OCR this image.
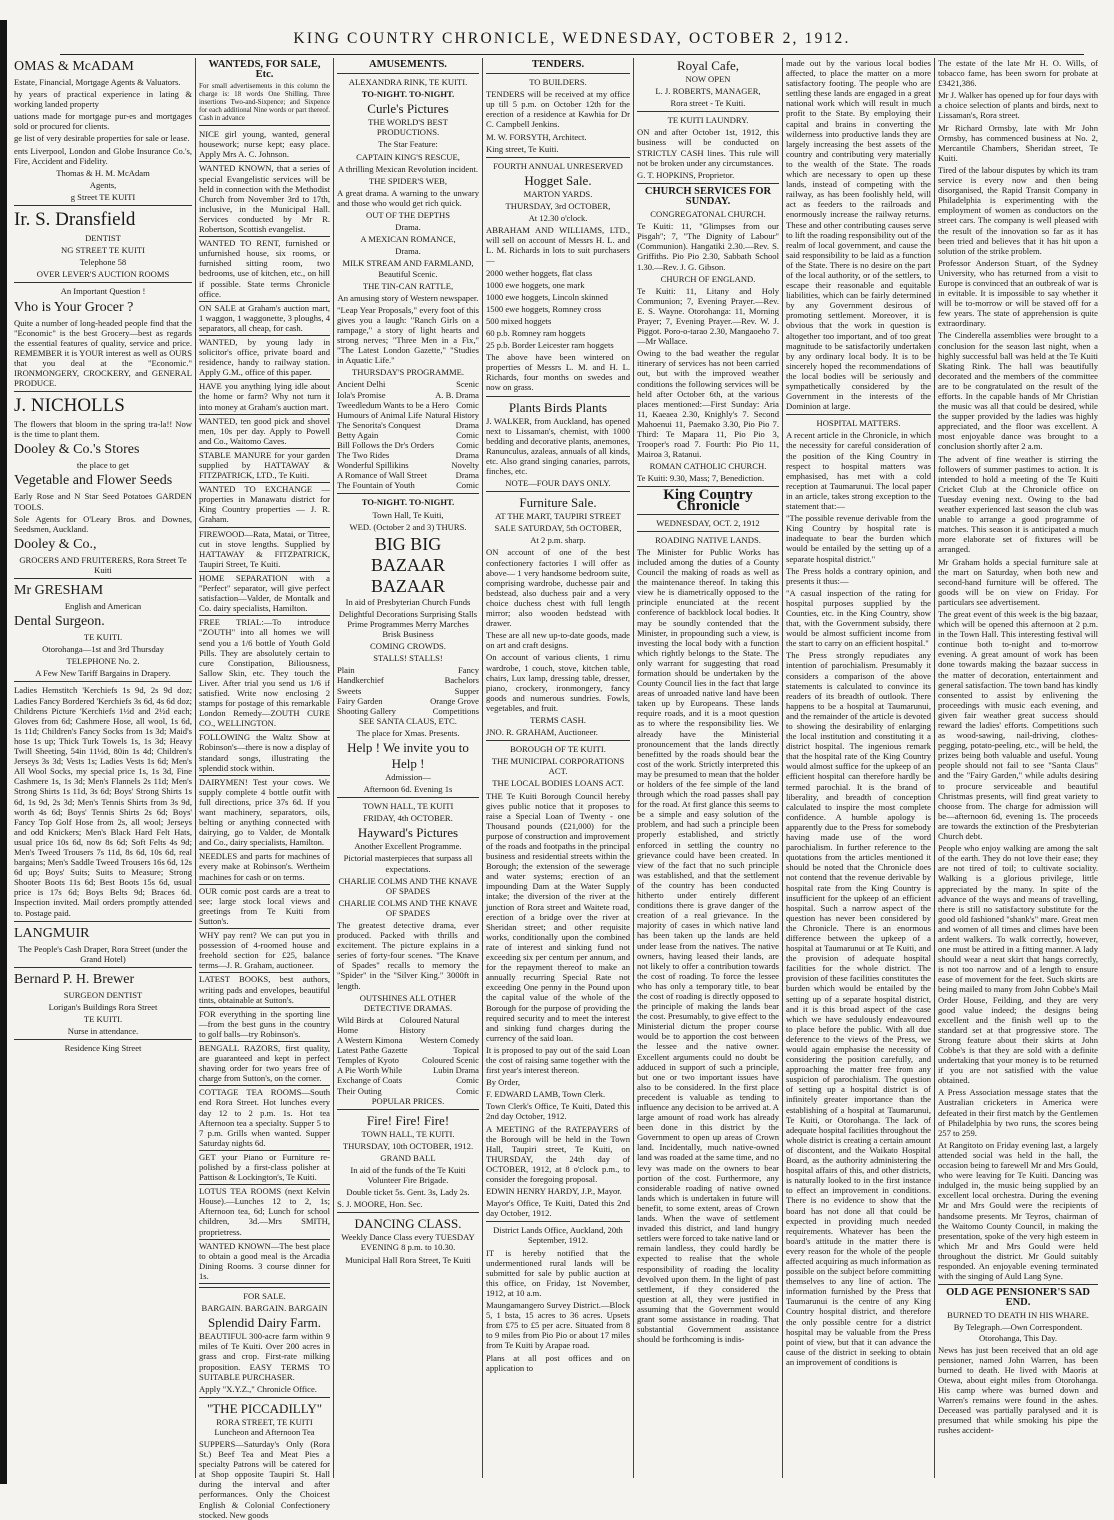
KING COUNTRY CHRONICLE, WEDNESDAY, OCTOBER 2, 1912.

OMAS & McADAM

Estate, Financial, Mortgage Agents & Valuators.

hy years of practical experience in lating & working landed property

uations made for mortgage pur-es and mortgages sold or procured for clients.

ge list of very desirable properties for sale or lease.

ents Liverpool, London and Globe Insurance Co.'s, Fire, Accident and Fidelity.

Thomas & H. M. McAdam

Agents,

g Street TE KUITI

Ir. S. Dransfield

DENTIST

NG STREET TE KUITI

Telephone 58

OVER LEVER'S AUCTION ROOMS

An Important Question !

Vho is Your Grocer ?

Quite a number of long-headed people find that the "Economic" is the best Grocery—best as regards the essential features of quality, service and price. REMEMBER it is YOUR interest as well as OURS that you deal at the "Economic." IRONMONGERY, CROCKERY, and GENERAL PRODUCE.

J. NICHOLLS

The flowers that bloom in the spring tra-la!! Now is the time to plant them.

Dooley & Co.'s Stores

the place to get

Vegetable and Flower Seeds

Early Rose and N Star Seed Potatoes GARDEN TOOLS.

Sole Agents for O'Leary Bros. and Downes, Seedsmen, Auckland.

Dooley & Co.,

GROCERS AND FRUITERERS, Rora Street Te Kuiti

Mr GRESHAM

English and American

Dental Surgeon.

TE KUITI.

Otorohanga—1st and 3rd Thursday

TELEPHONE No. 2.

A Few New Tariff Bargains in Drapery.

Ladies Hemstitch 'Kerchiefs 1s 9d, 2s 9d doz; Ladies Fancy Bordered 'Kerchiefs 3s 6d, 4s 6d doz; Childrens Picture 'Kerchiefs 1½d and 2½d each; Gloves from 6d; Cashmere Hose, all wool, 1s 6d, 1s 11d; Children's Fancy Socks from 1s 3d; Maid's hose 1s up; Thick Turk Towels 1s, 1s 3d; Heavy Twill Sheeting, 54in 11½d, 80in 1s 4d; Children's Jerseys 3s 3d; Vests 1s; Ladies Vests 1s 6d; Men's All Wool Socks, my special price 1s, 1s 3d, Fine Cashmere 1s, 1s 3d; Men's Flannels 2s 11d; Men's Strong Shirts 1s 11d, 3s 6d; Boys' Strong Shirts 1s 6d, 1s 9d, 2s 3d; Men's Tennis Shirts from 3s 9d, worth 4s 6d; Boys' Tennis Shirts 2s 6d; Boys' Fancy Top Golf Hose from 2s, all wool; Jerseys and odd Knickers; Men's Black Hard Felt Hats, usual price 10s 6d, now 8s 6d; Soft Felts 4s 9d; Men's Tweed Trousers 7s 11d, 8s 6d, 10s 6d, real bargains; Men's Saddle Tweed Trousers 16s 6d, 12s 6d up; Boys' Suits; Suits to Measure; Strong Shooter Boots 11s 6d; Best Boots 15s 6d, usual price is 17s 6d; Boys Belts 9d; Braces 6d. Inspection invited. Mail orders promptly attended to. Postage paid.

LANGMUIR

The People's Cash Draper, Rora Street (under the Grand Hotel)

Bernard P. H. Brewer

SURGEON DENTIST

Lorigan's Buildings Rora Street

TE KUITI.

Nurse in attendance.

Residence King Street

WANTEDS, FOR SALE, Etc.

For small advertisements in this column the charge is: 18 words One Shilling, Three insertions Two-and-Sixpence; and Sixpence for each additional Nine words or part thereof. Cash in advance

NICE girl young, wanted, general housework; nurse kept; easy place. Apply Mrs A. C. Johnson.

WANTED KNOWN, that a series of special Evangelistic services will be held in connection with the Methodist Church from November 3rd to 17th, inclusive, in the Municipal Hall. Services conducted by Mr R. Robertson, Scottish evangelist.

WANTED TO RENT, furnished or unfurnished house, six rooms, or furnished sitting room, two bedrooms, use of kitchen, etc., on hill if possible. State terms Chronicle office.

ON SALE at Graham's auction mart, 1 waggon, 1 waggonette, 3 ploughs, 4 separators, all cheap, for cash.

WANTED, by young lady in solicitor's office, private board and residence, handy to railway station. Apply G.M., office of this paper.

HAVE you anything lying idle about the home or farm? Why not turn it into money at Graham's auction mart.

WANTED, ten good pick and shovel men, 10s per day. Apply to Powell and Co., Waitomo Caves.

STABLE MANURE for your garden supplied by HATTAWAY & FITZPATRICK, LTD., Te Kuiti.

WANTED TO EXCHANGE — properties in Manawatu district for King Country properties — J. R. Graham.

FIREWOOD—Rata, Matai, or Titree, cut in stove lengths. Supplied by HATTAWAY & FITZPATRICK, Taupiri Street, Te Kuiti.

HOME SEPARATION with a "Perfect" separator, will give perfect satisfaction—Valder, de Montalk and Co. dairy specialists, Hamilton.

FREE TRIAL:—To introduce "ZOUTH" into all homes we will send you a 1/6 bottle of Youth Gold Pills. They are absolutely certain to cure Constipation, Biliousness, Sallow Skin, etc. They touch the Liver. After trial you send us 1/6 if satisfied. Write now enclosing 2 stamps for postage of this remarkable London Remedy—ZOUTH CURE CO., WELLINGTON.

FOLLOWING the Waltz Show at Robinson's—there is now a display of standard songs, illustrating the splendid stock within.

DAIRYMEN! Test your cows. We supply complete 4 bottle outfit with full directions, price 37s 6d. If you want machinery, separators, oils, belting or anything connected with dairying, go to Valder, de Montalk and Co., dairy specialists, Hamilton.

NEEDLES and parts for machines of every make at Robinson's. Wertheim machines for cash or on terms.

OUR comic post cards are a treat to see; large stock local views and greetings from Te Kuiti from Sutton's.

WHY pay rent? We can put you in possession of 4-roomed house and freehold section for £25, balance terms—J. R. Graham, auctioneer.

LATEST BOOKS, best authors, writing pads and envelopes, beautiful tints, obtainable at Sutton's.

FOR everything in the sporting line —from the best guns in the country to golf balls—try Robinson's.

BENGALL RAZORS, first quality, are guaranteed and kept in perfect shaving order for two years free of charge from Sutton's, on the corner.

COTTAGE TEA ROOMS—South end Rora Street. Hot lunches every day 12 to 2 p.m. 1s. Hot tea Afternoon tea a specialty. Supper 5 to 7 p.m. Grills when wanted. Supper Saturday nights 6d.

GET your Piano or Furniture re-polished by a first-class polisher at Pattison & Lockington's, Te Kuiti.

LOTUS TEA ROOMS (next Kelvin House).—Lunches 12 to 2, 1s; Afternoon tea, 6d; Lunch for school children, 3d.—Mrs SMITH, proprietress.

WANTED KNOWN—The best place to obtain a good meal is the Arcadia Dining Rooms. 3 course dinner for 1s.

FOR SALE.

BARGAIN. BARGAIN. BARGAIN

Splendid Dairy Farm.

BEAUTIFUL 300-acre farm within 9 miles of Te Kuiti. Over 200 acres in grass and crop. First-rate milking proposition. EASY TERMS TO SUITABLE PURCHASER.

Apply "X.Y.Z.," Chronicle Office.

"THE PICCADILLY"

RORA STREET, TE KUITI Luncheon and Afternoon Tea

SUPPERS—Saturday's Only (Rora St.) Beef Tea and Meat Pies a specialty Patrons will be catered for at Shop opposite Taupiri St. Hall during the interval and after performances. Only the Choicest English & Colonial Confectionery stocked. New goods

AMUSEMENTS.

ALEXANDRA RINK, TE KUITI.

TO-NIGHT. TO-NIGHT.

Curle's Pictures

THE WORLD'S BEST PRODUCTIONS.

The Star Feature:

CAPTAIN KING'S RESCUE,

A thrilling Mexican Revolution incident.

THE SPIDER'S WEB,

A great drama. A warning to the unwary and those who would get rich quick.

OUT OF THE DEPTHS

Drama.

A MEXICAN ROMANCE,

Drama.

MILK STREAM AND FARMLAND, Beautiful Scenic.

THE TIN-CAN RATTLE,

An amusing story of Western newspaper.

"Leap Year Proposals," every foot of this gives you a laugh: "Ranch Girls on a rampage," a story of light hearts and strong nerves; "Three Men in a Fix," "The Latest London Gazette," "Studies in Aquatic Life."

THURSDAY'S PROGRAMME.

Ancient Delhi	Scenic
Iola's Promise	A. B. Drama
Tweedledum Wants to be a Hero Comic
Humours of Animal Life Natural History
The Senorita's Conquest	Drama
Betty Again	Comic
Bill Follows the Dr's Orders	Comic
The Two Rides	Drama
Wonderful Spillikins	Novelty
A Romance of Wall Street	Drama
The Fountain of Youth	Comic

TO-NIGHT. TO-NIGHT.

Town Hall, Te Kuiti,

WED. (October 2 and 3) THURS.

BIG BIG
BAZAAR BAZAAR

In aid of Presbyterian Church Funds

Delightful Decorations Surprising Stalls Prime Programmes Merry Marches Brisk Business

COMING CROWDS.

STALLS! STALLS!

Plain	Fancy
Handkerchief	Bachelors
Sweets	Supper
Fairy Garden	Orange Grove
Shooting Gallery	Competitions

SEE SANTA CLAUS, ETC.

The place for Xmas. Presents.

Help ! We invite you to Help !

Admission—

Afternoon 6d. Evening 1s

TOWN HALL, TE KUITI

FRIDAY, 4th OCTOBER.

Hayward's Pictures

Another Excellent Programme.

Pictorial masterpieces that surpass all expectations.

CHARLIE COLMS AND THE KNAVE OF SPADES

CHARLIE COLMS AND THE KNAVE OF SPADES

The greatest detective drama, ever produced. Packed with thrills and excitement. The picture explains in a series of forty-four scenes. "The Knave of Spades" recalls to memory the "Spider" in the "Silver King." 3000ft in length.

OUTSHINES ALL OTHER DETECTIVE DRAMAS.

Wild Birds at Home
Coloured Natural History
A Western Kimona Western Comedy
Latest Pathe Gazette	Topical
Temples of Kyoto	Coloured Scenic
A Pie Worth While	Lubin Drama
Exchange of Coats	Comic
Their Outing	Comic

POPULAR PRICES.

Fire! Fire! Fire!

TOWN HALL, TE KUITI.

THURSDAY, 10th OCTOBER, 1912.

GRAND BALL

In aid of the funds of the Te Kuiti Volunteer Fire Brigade.

Double ticket 5s. Gent. 3s, Lady 2s.

S. J. MOORE, Hon. Sec.

DANCING CLASS.

Weekly Dance Class every TUESDAY EVENING 8 p.m. to 10.30.

Municipal Hall Rora Street, Te Kuiti

TENDERS.

TO BUILDERS.

TENDERS will be received at my office up till 5 p.m. on October 12th for the erection of a residence at Kawhia for Dr C. Campbell Jenkins.

M. W. FORSYTH, Architect.

King street, Te Kuiti.

FOURTH ANNUAL UNRESERVED

Hogget Sale.

MARTON YARDS.

THURSDAY, 3rd OCTOBER,

At 12.30 o'clock.

ABRAHAM AND WILLIAMS, LTD., will sell on account of Messrs H. L. and L. M. Richards in lots to suit purchasers—

2000 wether hoggets, flat class

1000 ewe hoggets, one mark

1000 ewe hoggets, Lincoln skinned

1500 ewe hoggets, Romney cross

500 mixed hoggets

60 p.b. Romney ram hoggets

25 p.b. Border Leicester ram hoggets

The above have been wintered on properties of Messrs L. M. and H. L. Richards, four months on swedes and now on grass.

Plants Birds Plants

J. WALKER, from Auckland, has opened next to Lissaman's, chemist, with 1000 bedding and decorative plants, anemones, Ranunculus, azaleas, annuals of all kinds, etc. Also grand singing canaries, parrots, finches, etc.

NOTE—FOUR DAYS ONLY.

Furniture Sale.

AT THE MART, TAUPIRI STREET

SALE SATURDAY, 5th OCTOBER,

At 2 p.m. sharp.

ON account of one of the best confectionery factories I will offer as above— 1 very handsome bedroom suite, comprising wardrobe, duchesse pair and bedstead, also duchess pair and a very choice duchess chest with full length mirror; also wooden bedstead with drawer.

These are all new up-to-date goods, made on art and craft designs.

On account of various clients, 1 rimu wardrobe, 1 couch, stove, kitchen table, chairs, Lux lamp, dressing table, dresser, piano, crockery, ironmongery, fancy goods and numerous sundries. Fowls, vegetables, and fruit.

TERMS CASH.

JNO. R. GRAHAM, Auctioneer.

BOROUGH OF TE KUITI.

THE MUNICIPAL CORPORATIONS ACT.

THE LOCAL BODIES LOANS ACT.

THE Te Kuiti Borough Council hereby gives public notice that it proposes to raise a Special Loan of Twenty - one Thousand pounds (£21,000) for the purpose of construction and improvement of the roads and footpaths in the principal business and residential streets within the Borough; the extension of the sewerage and water systems; erection of an impounding Dam at the Water Supply intake; the diversion of the river at the junction of Rora street and Waitete road, erection of a bridge over the river at Sheridan street; and other requisite works, conditionally upon the combined rate of interest and sinking fund not exceeding six per centum per annum, and for the repayment thereof to make an annually recurring Special Rate not exceeding One penny in the Pound upon the capital value of the whole of the Borough for the purpose of providing the required security and to meet the interest and sinking fund charges during the currency of the said loan.

It is proposed to pay out of the said Loan the cost of raising same together with the first year's interest thereon.

By Order,

F. EDWARD LAMB, Town Clerk.

Town Clerk's Office, Te Kuiti, Dated this 2nd day October, 1912.

A MEETING of the RATEPAYERS of the Borough will be held in the Town Hall, Taupiri street, Te Kuiti, on THURSDAY, the 24th day of OCTOBER, 1912, at 8 o'clock p.m., to consider the foregoing proposal.

EDWIN HENRY HARDY, J.P., Mayor.

Mayor's Office, Te Kuiti, Dated this 2nd day October, 1912.

District Lands Office, Auckland, 20th September, 1912.

IT is hereby notified that the undermentioned rural lands will be submitted for sale by public auction at this office, on Friday, 1st November, 1912, at 10 a.m.

Maungamangero Survey District.—Block 5, 1 bsta, 15 acres to 36 acres. Upsets from £75 to £5 per acre. Situated from 8 to 9 miles from Pio Pio or about 17 miles from Te Kuiti by Arapae road.

Plans at all post offices and on application to

Royal Cafe,

NOW OPEN

L. J. ROBERTS, MANAGER,

Rora street - Te Kuiti.

TE KUITI LAUNDRY.

ON and after October 1st, 1912, this business will be conducted on STRICTLY CASH lines. This rule will not be broken under any circumstances.

G. T. HOPKINS, Proprietor.

CHURCH SERVICES FOR SUNDAY.

CONGREGATONAL CHURCH.

Te Kuiti: 11, "Glimpses from our Pisgah"; 7, "The Dignity of Labour" (Communion). Hangatiki 2.30.—Rev. S. Griffiths. Pio Pio 2.30, Sabbath School 1.30.—Rev. J. G. Gibson.

CHURCH OF ENGLAND.

Te Kuiti: 11, Litany and Holy Communion; 7, Evening Prayer.—Rev. E. S. Wayne. Otorohanga: 11, Morning Prayer; 7, Evening Prayer.—Rev. W. J. Piggot. Poro-o-tarao 2.30, Mangaoeho 7.—Mr Wallace.

Owing to the bad weather the regular itinerary of services has not been carried out, but with the improved weather conditions the following services will be held after October 6th, at the various places mentioned:—First Sunday: Aria 11, Kaeaea 2.30, Knighly's 7. Second Mahoenui 11, Paemako 3.30, Pio Pio 7. Third: Te Mapara 11, Pio Pio 3, Trooper's road 7. Fourth: Pio Pio 11, Mairoa 3, Ratanui.

ROMAN CATHOLIC CHURCH.

Te Kuiti: 9.30, Mass; 7, Benediction.

King Country Chronicle

WEDNESDAY, OCT. 2, 1912

ROADING NATIVE LANDS.

The Minister for Public Works has included among the duties of a County Council the making of roads as well as the maintenance thereof. In taking this view he is diametrically opposed to the principle enunciated at the recent conference of backblock local bodies. It may be soundly contended that the Minister, in propounding such a view, is investing the local body with a function which rightly belongs to the State. The only warrant for suggesting that road formation should be undertaken by the County Council lies in the fact that large areas of unroaded native land have been taken up by Europeans. These lands require roads, and it is a moot question as to where the responsibility lies. We already have the Ministerial pronouncement that the lands directly benefitted by the roads should bear the cost of the work. Strictly interpreted this may be presumed to mean that the holder or holders of the fee simple of the land through which the road passes shall pay for the road. At first glance this seems to be a simple and easy solution of the problem, and had such a principle been properly established, and strictly enforced in settling the country no grievance could have been created. In view of the fact that no such principle was established, and that the settlement of the country has been conducted hitherto under entirely different conditions there is grave danger of the creation of a real grievance. In the majority of cases in which native land has been taken up the lands are held under lease from the natives. The native owners, having leased their lands, are not likely to offer a contribution towards the cost of roading. To force the lessee who has only a temporary title, to bear the cost of roading is directly opposed to the principle of making the lands bear the cost. Presumably, to give effect to the Ministerial dictum the proper course would be to apportion the cost between the lessee and the native owner. Excellent arguments could no doubt be adduced in support of such a principle, but one or two important issues have also to be considered. In the first place precedent is valuable as tending to influence any decision to be arrived at. A large amount of road work has already been done in this district by the Government to open up areas of Crown land. Incidentally, much native-owned land was roaded at the same time, and no levy was made on the owners to bear portion of the cost. Furthermore, any considerable roading of native owned lands which is undertaken in future will benefit, to some extent, areas of Crown lands. When the wave of settlement invaded this district, and land hungry settlers were forced to take native land or remain landless, they could hardly be expected to realise that the whole responsibility of roading the locality devolved upon them. In the light of past settlement, if they considered the question at all, they were justified in assuming that the Government would grant some assistance in roading. That substantial Government assistance should be forthcoming is indis-

made out by the various local bodies affected, to place the matter on a more satisfactory footing. The people who are settling these lands are engaged in a great national work which will result in much profit to the State. By employing their capital and brains in converting the wilderness into productive lands they are largely increasing the best assets of the country and contributing very materially to the wealth of the State. The roads which are necessary to open up these lands, instead of competing with the railway, as has been foolishly held, will act as feeders to the railroads and enormously increase the railway returns. These and other contributing causes serve to lift the roading responsibility out of the realm of local government, and cause the said responsibility to be laid as a function of the State. There is no desire on the part of the local authority, or of the settlers, to escape their reasonable and equitable liabilities, which can be fairly determined by any Government desirous of promoting settlement. Moreover, it is obvious that the work in question is altogether too important, and of too great magnitude to be satisfactorily undertaken by any ordinary local body. It is to be sincerely hoped the recommendations of the local bodies will be seriously and sympathetically considered by the Government in the interests of the Dominion at large.

HOSPITAL MATTERS.

A recent article in the Chronicle, in which the necessity for careful consideration of the position of the King Country in respect to hospital matters was emphasised, has met with a cold reception at Taumarunui. The local paper in an article, takes strong exception to the statement that:—

"The possible revenue derivable from the King Country by hospital rate is inadequate to bear the burden which would be entailed by the setting up of a separate hospital district."

The Press holds a contrary opinion, and presents it thus:—

"A casual inspection of the rating for hospital purposes supplied by the Counties, etc. in the King Country, show that, with the Government subsidy, there would be almost sufficient income from the start to carry on an efficient hospital."

The Press strongly repudiates any intention of parochialism. Presumably it considers a comparison of the above statements is calculated to convince its readers of its breadth of outlook. There happens to be a hospital at Taumarunui, and the remainder of the article is devoted to showing the desirability of enlarging the local institution and constituting it a district hospital. The ingenious remark that the hospital rate of the King Country would almost suffice for the upkeep of an efficient hospital can therefore hardly be termed parochial. It is the brand of liberality, and breadth of conception calculated to inspire the most complete confidence. A humble apology is apparently due to the Press for somebody having made use of the word parochialism. In further reference to the quotations from the articles mentioned it should be noted that the Chronicle does not contend that the revenue derivable by hospital rate from the King Country is insufficient for the upkeep of an efficient hospital. Such a narrow aspect of the question has never been considered by the Chronicle. There is an enormous difference between the upkeep of a hospital at Taumarunui or at Te Kuiti, and the provision of adequate hospital facilities for the whole district. The provision of these facilities constitutes the burden which would be entailed by the setting up of a separate hospital district, and it is this broad aspect of the case which we have sedulously endeavoured to place before the public. With all due deference to the views of the Press, we would again emphasise the necessity of considering the position carefully, and approaching the matter free from any suspicion of parochialism. The question of setting up a hospital district is of infinitely greater importance than the establishing of a hospital at Taumarunui, Te Kuiti, or Otorohanga. The lack of adequate hospital facilities throughout the whole district is creating a certain amount of discontent, and the Waikato Hospital Board, as the authority administering the hospital affairs of this, and other districts, is naturally looked to in the first instance to effect an improvement in conditions. There is no evidence to show that the board has not done all that could be expected in providing much needed requirements. Whatever has been the board's attitude in the matter there is every reason for the whole of the people affected acquiring as much information as possible on the subject before committing themselves to any line of action. The information furnished by the Press that Taumarunui is the centre of any King Country hospital district, and therefore the only possible centre for a district hospital may be valuable from the Press point of view, but that it can advance the cause of the district in seeking to obtain an improvement of conditions is

The estate of the late Mr H. O. Wills, of tobacco fame, has been sworn for probate at £3421,386.

Mr J. Walker has opened up for four days with a choice selection of plants and birds, next to Lissaman's, Rora street.

Mr Richard Ormsby, late with Mr John Ormsby, has commenced business at No. 2, Mercantile Chambers, Sheridan street, Te Kuiti.

Tired of the labour disputes by which its tram service is every now and then being disorganised, the Rapid Transit Company in Philadelphia is experimenting with the employment of women as conductors on the street cars. The company is well pleased with the result of the innovation so far as it has been tried and believes that it has hit upon a solution of the strike problem.

Professor Anderson Stuart, of the Sydney University, who has returned from a visit to Europe is convinced that an outbreak of war is in evitable. It is impossible to say whether it will be to-morrow or will be staved off for a few years. The state of apprehension is quite extraordinary.

The Cinderella assemblies were brought to a conclusion for the season last night, when a highly successful ball was held at the Te Kuiti Skating Rink. The hall was beautifully decorated and the members of the committee are to be congratulated on the result of the efforts. In the capable hands of Mr Christian the music was all that could be desired, while the supper provided by the ladies was highly appreciated, and the floor was excellent. A most enjoyable dance was brought to a conclusion shortly after 2 a.m.

The advent of fine weather is stirring the followers of summer pastimes to action. It is intended to hold a meeting of the Te Kuiti Cricket Club at the Chronicle office on Tuesday evening next. Owing to the bad weather experienced last season the club was unable to arrange a good programme of matches. This season it is anticipated a much more elaborate set of fixtures will be arranged.

Mr Graham holds a special furniture sale at the mart on Saturday, when both new and second-hand furniture will be offered. The goods will be on view on Friday. For particulars see advertisement.

The great event of this week is the big bazaar, which will be opened this afternoon at 2 p.m. in the Town Hall. This interesting festival will continue both to-night and to-morrow evening. A great amount of work has been done towards making the bazaar success in the matter of decoration, entertainment and general satisfaction. The town band has kindly consented to assist by enlivening the proceedings with music each evening, and given fair weather great success should reward the ladies' efforts. Competitions such as wood-sawing, nail-driving, clothes-pegging, potato-peeling, etc., will be held, the prizes being both valuable and useful. Young people should not fail to see "Santa Claus" and the "Fairy Garden," while adults desiring to procure serviceable and beautiful Christmas presents, will find great variety to choose from. The charge for admission will be—afternoon 6d, evening 1s. The proceeds are towards the extinction of the Presbyterian Church debt.

People who enjoy walking are among the salt of the earth. They do not love their ease; they are not tired of toil; to cultivate sociality. Walking is a glorious privilege, little appreciated by the many. In spite of the advance of the ways and means of travelling, there is still no satisfactory substitute for the good old fashioned "shank's" mare. Great men and women of all times and climes have been ardent walkers. To walk correctly, however, one must be attired in a fitting manner. A lady should wear a neat skirt that hangs correctly, is not too narrow and of a length to ensure ease of movement for the feet. Such skirts are being mailed to many from John Cobbe's Mail Order House, Feilding, and they are very good value indeed; the designs being excellent and the finish well up to the standard set at that progressive store. The Strong feature about their skirts at John Cobbe's is that they are sold with a definite undertaking that your money is to be returned if you are not satisfied with the value obtained.

A Press Association message states that the Australian cricketers in America were defeated in their first match by the Gentlemen of Philadelphia by two runs, the scores being 257 to 259.

At Rangitoto on Friday evening last, a largely attended social was held in the hall, the occasion being to farewell Mr and Mrs Gould, who were leaving for Te Kuiti. Dancing was indulged in, the music being supplied by an excellent local orchestra. During the evening Mr and Mrs Gould were the recipients of handsome presents. Mr Teyros, chairman of the Waitomo County Council, in making the presentation, spoke of the very high esteem in which Mr and Mrs Gould were held throughout the district. Mr Gould suitably responded. An enjoyable evening terminated with the singing of Auld Lang Syne.

OLD AGE PENSIONER'S SAD END.

BURNED TO DEATH IN HIS WHARE.

By Telegraph.—Own Correspondent. Otorohanga, This Day.

News has just been received that an old age pensioner, named John Warren, has been burned to death. He lived with Maoris at Otewa, about eight miles from Otorohanga. His camp where was burned down and Warren's remains were found in the ashes. Deceased was partially paralysed and it is presumed that while smoking his pipe the rushes accident-
